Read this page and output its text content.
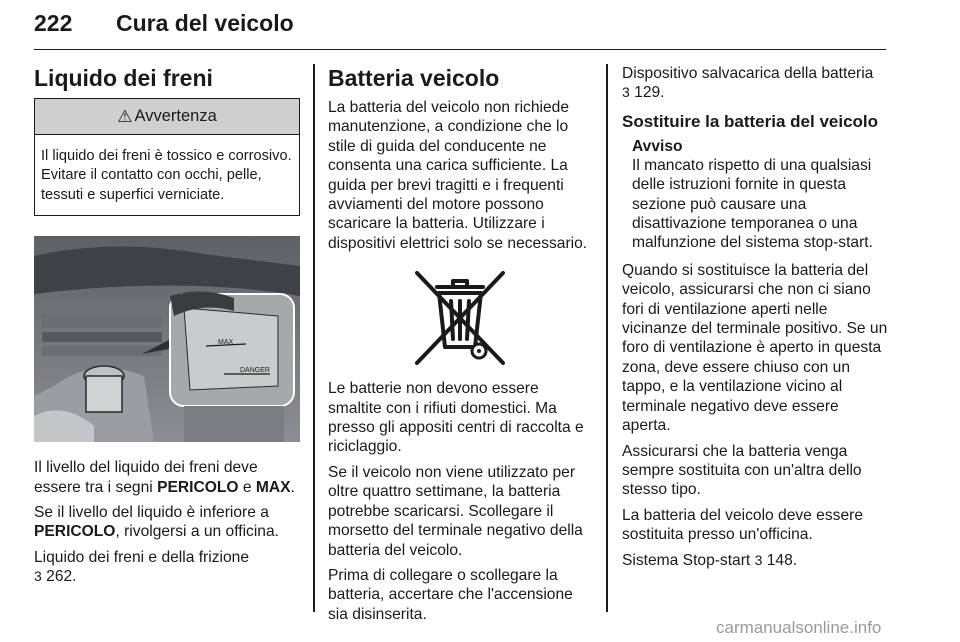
222 Cura del veicolo
Liquido dei freni
⚠ Avvertenza
Il liquido dei freni è tossico e corrosivo. Evitare il contatto con occhi, pelle, tessuti e superfici verniciate.
MAX
DANGER

Il livello del liquido dei freni deve essere tra i segni PERICOLO e MAX.

Se il livello del liquido è inferiore a PERICOLO, rivolgersi a un officina.

Liquido dei freni e della frizione
3 262.

Batteria veicolo

La batteria del veicolo non richiede manutenzione, a condizione che lo stile di guida del conducente ne consenta una carica sufficiente. La guida per brevi tragitti e i frequenti avviamenti del motore possono scaricare la batteria. Utilizzare i dispositivi elettrici solo se necessario.

Le batterie non devono essere smaltite con i rifiuti domestici. Ma presso gli appositi centri di raccolta e riciclaggio.

Se il veicolo non viene utilizzato per oltre quattro settimane, la batteria potrebbe scaricarsi. Scollegare il morsetto del terminale negativo della batteria del veicolo.

Prima di collegare o scollegare la batteria, accertare che l'accensione sia disinserita.

Dispositivo salvacarica della batteria
3 129.

Sostituire la batteria del veicolo
Avviso
Il mancato rispetto di una qualsiasi delle istruzioni fornite in questa sezione può causare una disattivazione temporanea o una malfunzione del sistema stop-start.

Quando si sostituisce la batteria del veicolo, assicurarsi che non ci siano fori di ventilazione aperti nelle vicinanze del terminale positivo. Se un foro di ventilazione è aperto in questa zona, deve essere chiuso con un tappo, e la ventilazione vicino al terminale negativo deve essere aperta.

Assicurarsi che la batteria venga sempre sostituita con un'altra dello stesso tipo.

La batteria del veicolo deve essere sostituita presso un'officina.

Sistema Stop-start 3 148.

carmanualsonline.info
